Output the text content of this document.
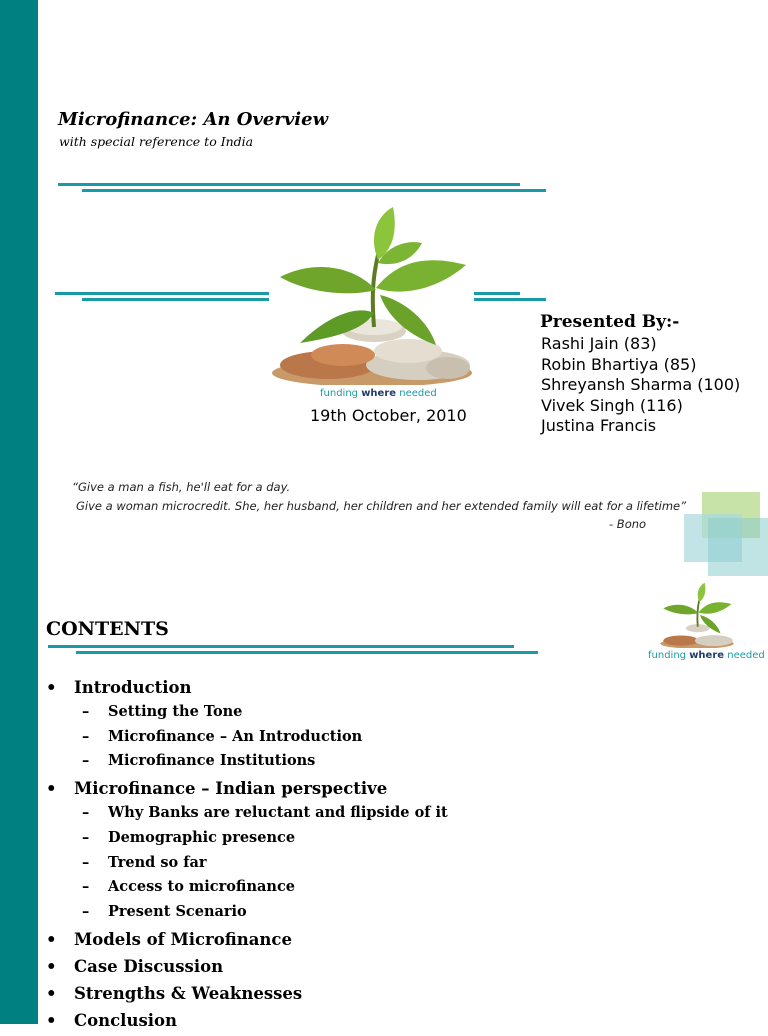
Microfinance: An Overview
with special reference to India
funding where needed
19th October, 2010
Presented By:-
Rashi Jain (83)
Robin Bhartiya (85)
Shreyansh Sharma (100)
Vivek Singh (116)
Justina Francis
“Give a man a fish, he'll eat for a day.
Give a woman microcredit. She, her husband, her children and her extended family will eat for a lifetime”
- Bono
CONTENTS
funding where needed
• Introduction
– Setting the Tone
– Microfinance – An Introduction
– Microfinance Institutions
• Microfinance – Indian perspective
– Why Banks are reluctant and flipside of it
– Demographic presence
– Trend so far
– Access to microfinance
– Present Scenario
• Models of Microfinance
• Case Discussion
• Strengths & Weaknesses
• Conclusion
